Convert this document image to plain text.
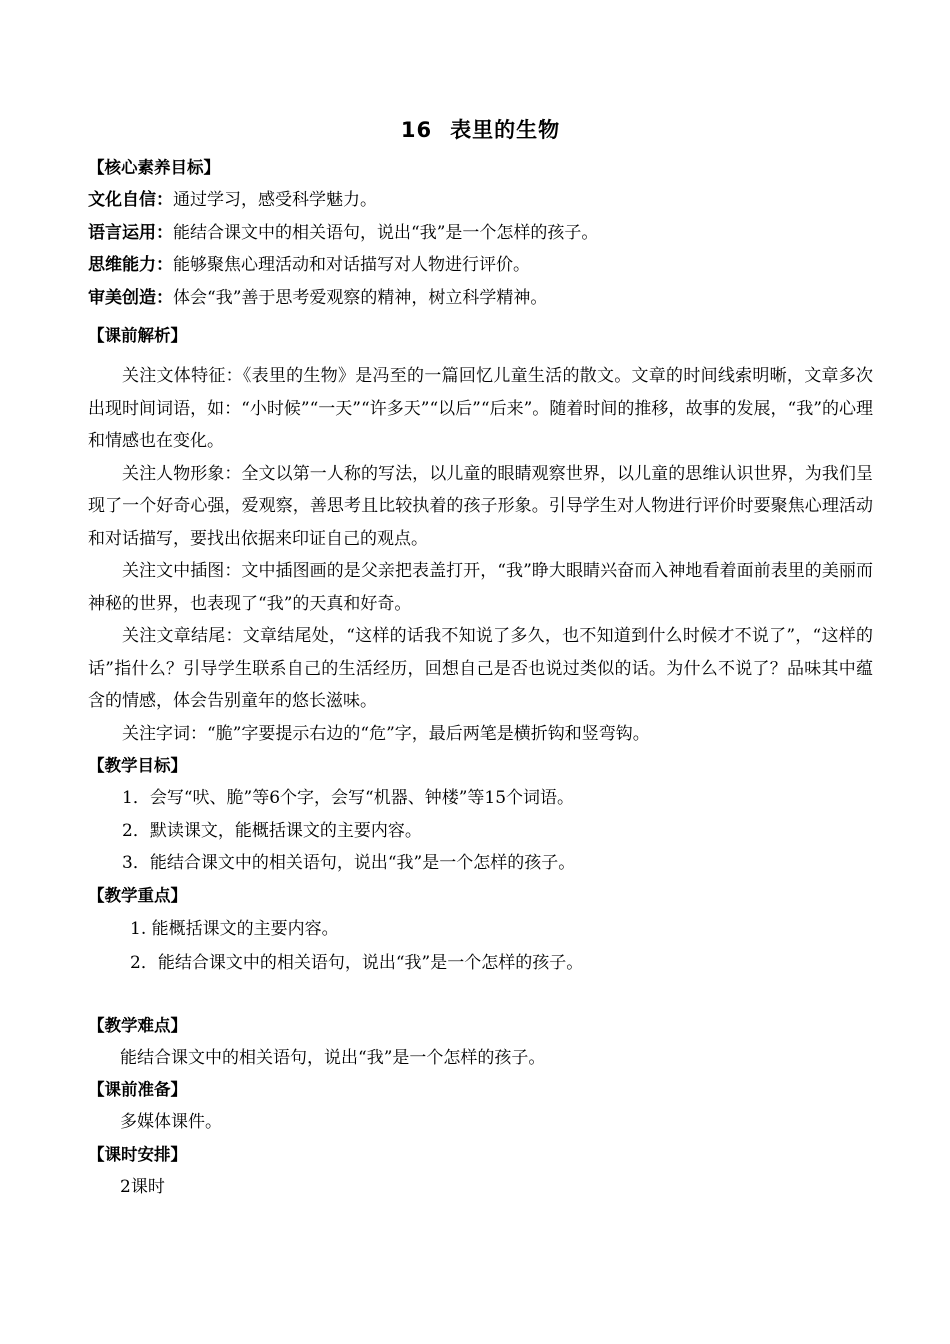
16 表里的生物
【核心素养目标】
文化自信：通过学习，感受科学魅力。
语言运用：能结合课文中的相关语句，说出“我”是一个怎样的孩子。
思维能力：能够聚焦心理活动和对话描写对人物进行评价。
审美创造：体会“我”善于思考爱观察的精神，树立科学精神。
【课前解析】

关注文体特征：《表里的生物》是冯至的一篇回忆儿童生活的散文。文章的时间线索明晰，文章多次出现时间词语，如：“小时候”“一天”“许多天”“以后”“后来”。随着时间的推移，故事的发展，“我”的心理和情感也在变化。

关注人物形象：全文以第一人称的写法，以儿童的眼睛观察世界，以儿童的思维认识世界，为我们呈现了一个好奇心强，爱观察，善思考且比较执着的孩子形象。引导学生对人物进行评价时要聚焦心理活动和对话描写，要找出依据来印证自己的观点。

关注文中插图：文中插图画的是父亲把表盖打开，“我”睁大眼睛兴奋而入神地看着面前表里的美丽而神秘的世界，也表现了“我”的天真和好奇。

关注文章结尾：文章结尾处，“这样的话我不知说了多久，也不知道到什么时候才不说了”，“这样的话”指什么？引导学生联系自己的生活经历，回想自己是否也说过类似的话。为什么不说了？品味其中蕴含的情感，体会告别童年的悠长滋味。

关注字词：“脆”字要提示右边的“危”字，最后两笔是横折钩和竖弯钩。

【教学目标】

1．会写“吠、脆”等6个字，会写“机器、钟楼”等15个词语。

2．默读课文，能概括课文的主要内容。

3．能结合课文中的相关语句，说出“我”是一个怎样的孩子。

【教学重点】

1. 能概括课文的主要内容。

2．能结合课文中的相关语句，说出“我”是一个怎样的孩子。

【教学难点】

能结合课文中的相关语句，说出“我”是一个怎样的孩子。

【课前准备】

多媒体课件。

【课时安排】

2课时
